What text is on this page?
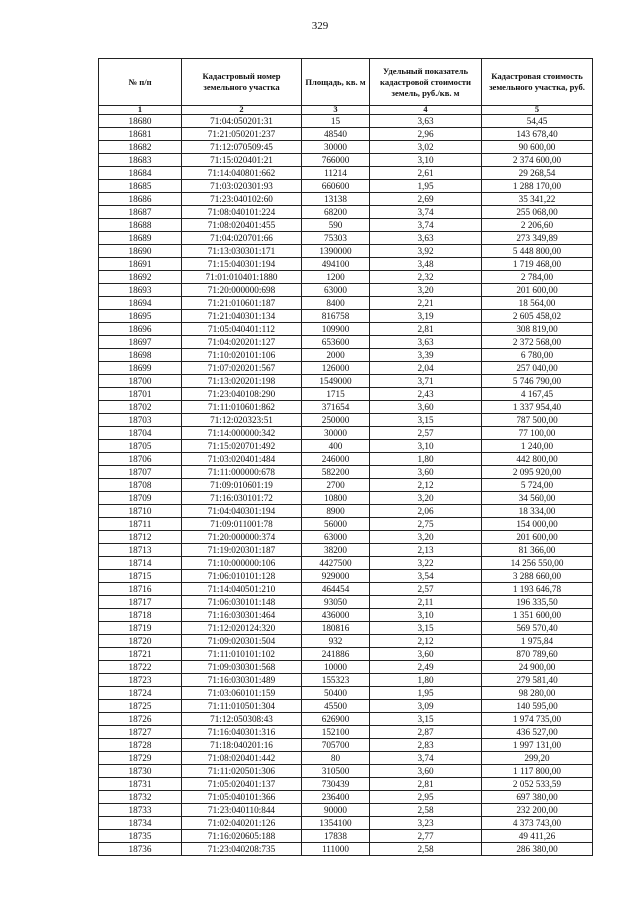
329
№ п/п	Кадастровый номер земельного участка	Площадь, кв. м	Удельный показатель кадастровой стоимости земель, руб./кв. м	Кадастровая стоимость земельного участка, руб.
1	2	3	4	5
18680	71:04:050201:31	15	3,63	54,45
18681	71:21:050201:237	48540	2,96	143 678,40
18682	71:12:070509:45	30000	3,02	90 600,00
18683	71:15:020401:21	766000	3,10	2 374 600,00
18684	71:14:040801:662	11214	2,61	29 268,54
18685	71:03:020301:93	660600	1,95	1 288 170,00
18686	71:23:040102:60	13138	2,69	35 341,22
18687	71:08:040101:224	68200	3,74	255 068,00
18688	71:08:020401:455	590	3,74	2 206,60
18689	71:04:020701:66	75303	3,63	273 349,89
18690	71:13:030301:171	1390000	3,92	5 448 800,00
18691	71:15:040301:194	494100	3,48	1 719 468,00
18692	71:01:010401:1880	1200	2,32	2 784,00
18693	71:20:000000:698	63000	3,20	201 600,00
18694	71:21:010601:187	8400	2,21	18 564,00
18695	71:21:040301:134	816758	3,19	2 605 458,02
18696	71:05:040401:112	109900	2,81	308 819,00
18697	71:04:020201:127	653600	3,63	2 372 568,00
18698	71:10:020101:106	2000	3,39	6 780,00
18699	71:07:020201:567	126000	2,04	257 040,00
18700	71:13:020201:198	1549000	3,71	5 746 790,00
18701	71:23:040108:290	1715	2,43	4 167,45
18702	71:11:010601:862	371654	3,60	1 337 954,40
18703	71:12:020323:51	250000	3,15	787 500,00
18704	71:14:000000:342	30000	2,57	77 100,00
18705	71:15:020701:492	400	3,10	1 240,00
18706	71:03:020401:484	246000	1,80	442 800,00
18707	71:11:000000:678	582200	3,60	2 095 920,00
18708	71:09:010601:19	2700	2,12	5 724,00
18709	71:16:030101:72	10800	3,20	34 560,00
18710	71:04:040301:194	8900	2,06	18 334,00
18711	71:09:011001:78	56000	2,75	154 000,00
18712	71:20:000000:374	63000	3,20	201 600,00
18713	71:19:020301:187	38200	2,13	81 366,00
18714	71:10:000000:106	4427500	3,22	14 256 550,00
18715	71:06:010101:128	929000	3,54	3 288 660,00
18716	71:14:040501:210	464454	2,57	1 193 646,78
18717	71:06:030101:148	93050	2,11	196 335,50
18718	71:16:030301:464	436000	3,10	1 351 600,00
18719	71:12:020124:320	180816	3,15	569 570,40
18720	71:09:020301:504	932	2,12	1 975,84
18721	71:11:010101:102	241886	3,60	870 789,60
18722	71:09:030301:568	10000	2,49	24 900,00
18723	71:16:030301:489	155323	1,80	279 581,40
18724	71:03:060101:159	50400	1,95	98 280,00
18725	71:11:010501:304	45500	3,09	140 595,00
18726	71:12:050308:43	626900	3,15	1 974 735,00
18727	71:16:040301:316	152100	2,87	436 527,00
18728	71:18:040201:16	705700	2,83	1 997 131,00
18729	71:08:020401:442	80	3,74	299,20
18730	71:11:020501:306	310500	3,60	1 117 800,00
18731	71:05:020401:137	730439	2,81	2 052 533,59
18732	71:05:040101:366	236400	2,95	697 380,00
18733	71:23:040110:844	90000	2,58	232 200,00
18734	71:02:040201:126	1354100	3,23	4 373 743,00
18735	71:16:020605:188	17838	2,77	49 411,26
18736	71:23:040208:735	111000	2,58	286 380,00
